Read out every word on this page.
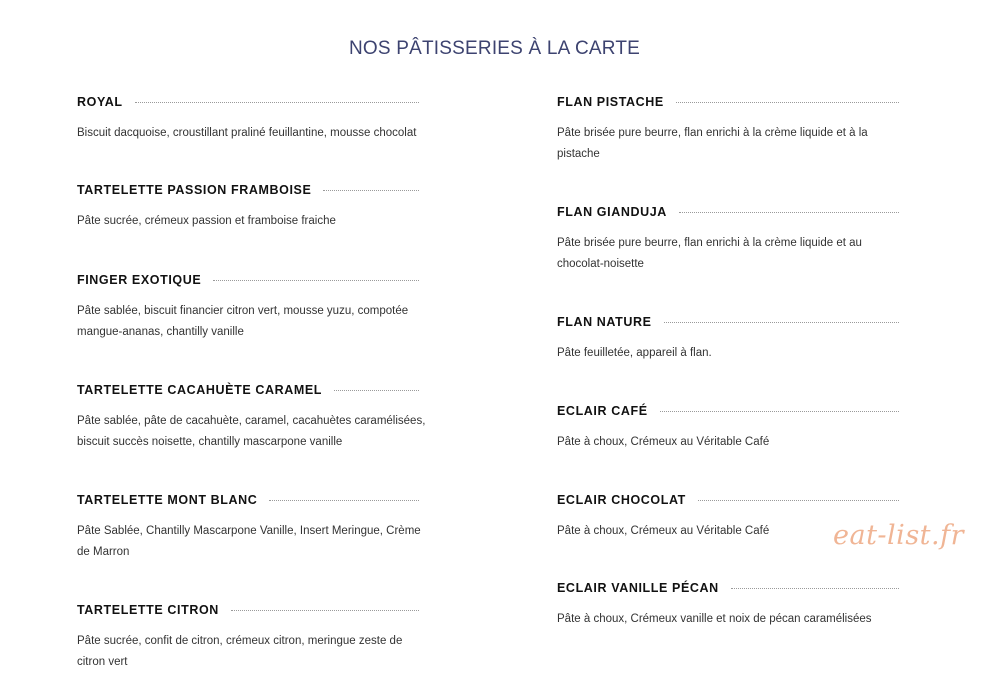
NOS PÂTISSERIES À LA CARTE
ROYAL
Biscuit dacquoise, croustillant praliné feuillantine, mousse chocolat
TARTELETTE PASSION FRAMBOISE
Pâte sucrée, crémeux passion et framboise fraiche
FINGER EXOTIQUE
Pâte sablée, biscuit financier citron vert, mousse yuzu, compotée mangue-ananas, chantilly vanille
TARTELETTE CACAHUÈTE CARAMEL
Pâte sablée, pâte de cacahuète, caramel, cacahuètes caramélisées, biscuit succès noisette, chantilly mascarpone vanille
TARTELETTE MONT BLANC
Pâte Sablée, Chantilly Mascarpone Vanille, Insert Meringue, Crème de Marron
TARTELETTE CITRON
Pâte sucrée, confit de citron, crémeux citron, meringue zeste de citron vert
FLAN PISTACHE
Pâte brisée pure beurre, flan enrichi à la crème liquide et à la pistache
FLAN GIANDUJA
Pâte brisée pure beurre, flan enrichi à la crème liquide et au chocolat-noisette
FLAN NATURE
Pâte feuilletée, appareil à flan.
ECLAIR CAFÉ
Pâte à choux, Crémeux au Véritable Café
ECLAIR CHOCOLAT
Pâte à choux, Crémeux au Véritable Café
ECLAIR VANILLE PÉCAN
Pâte à choux, Crémeux vanille et noix de pécan caramélisées
eat-list.fr
